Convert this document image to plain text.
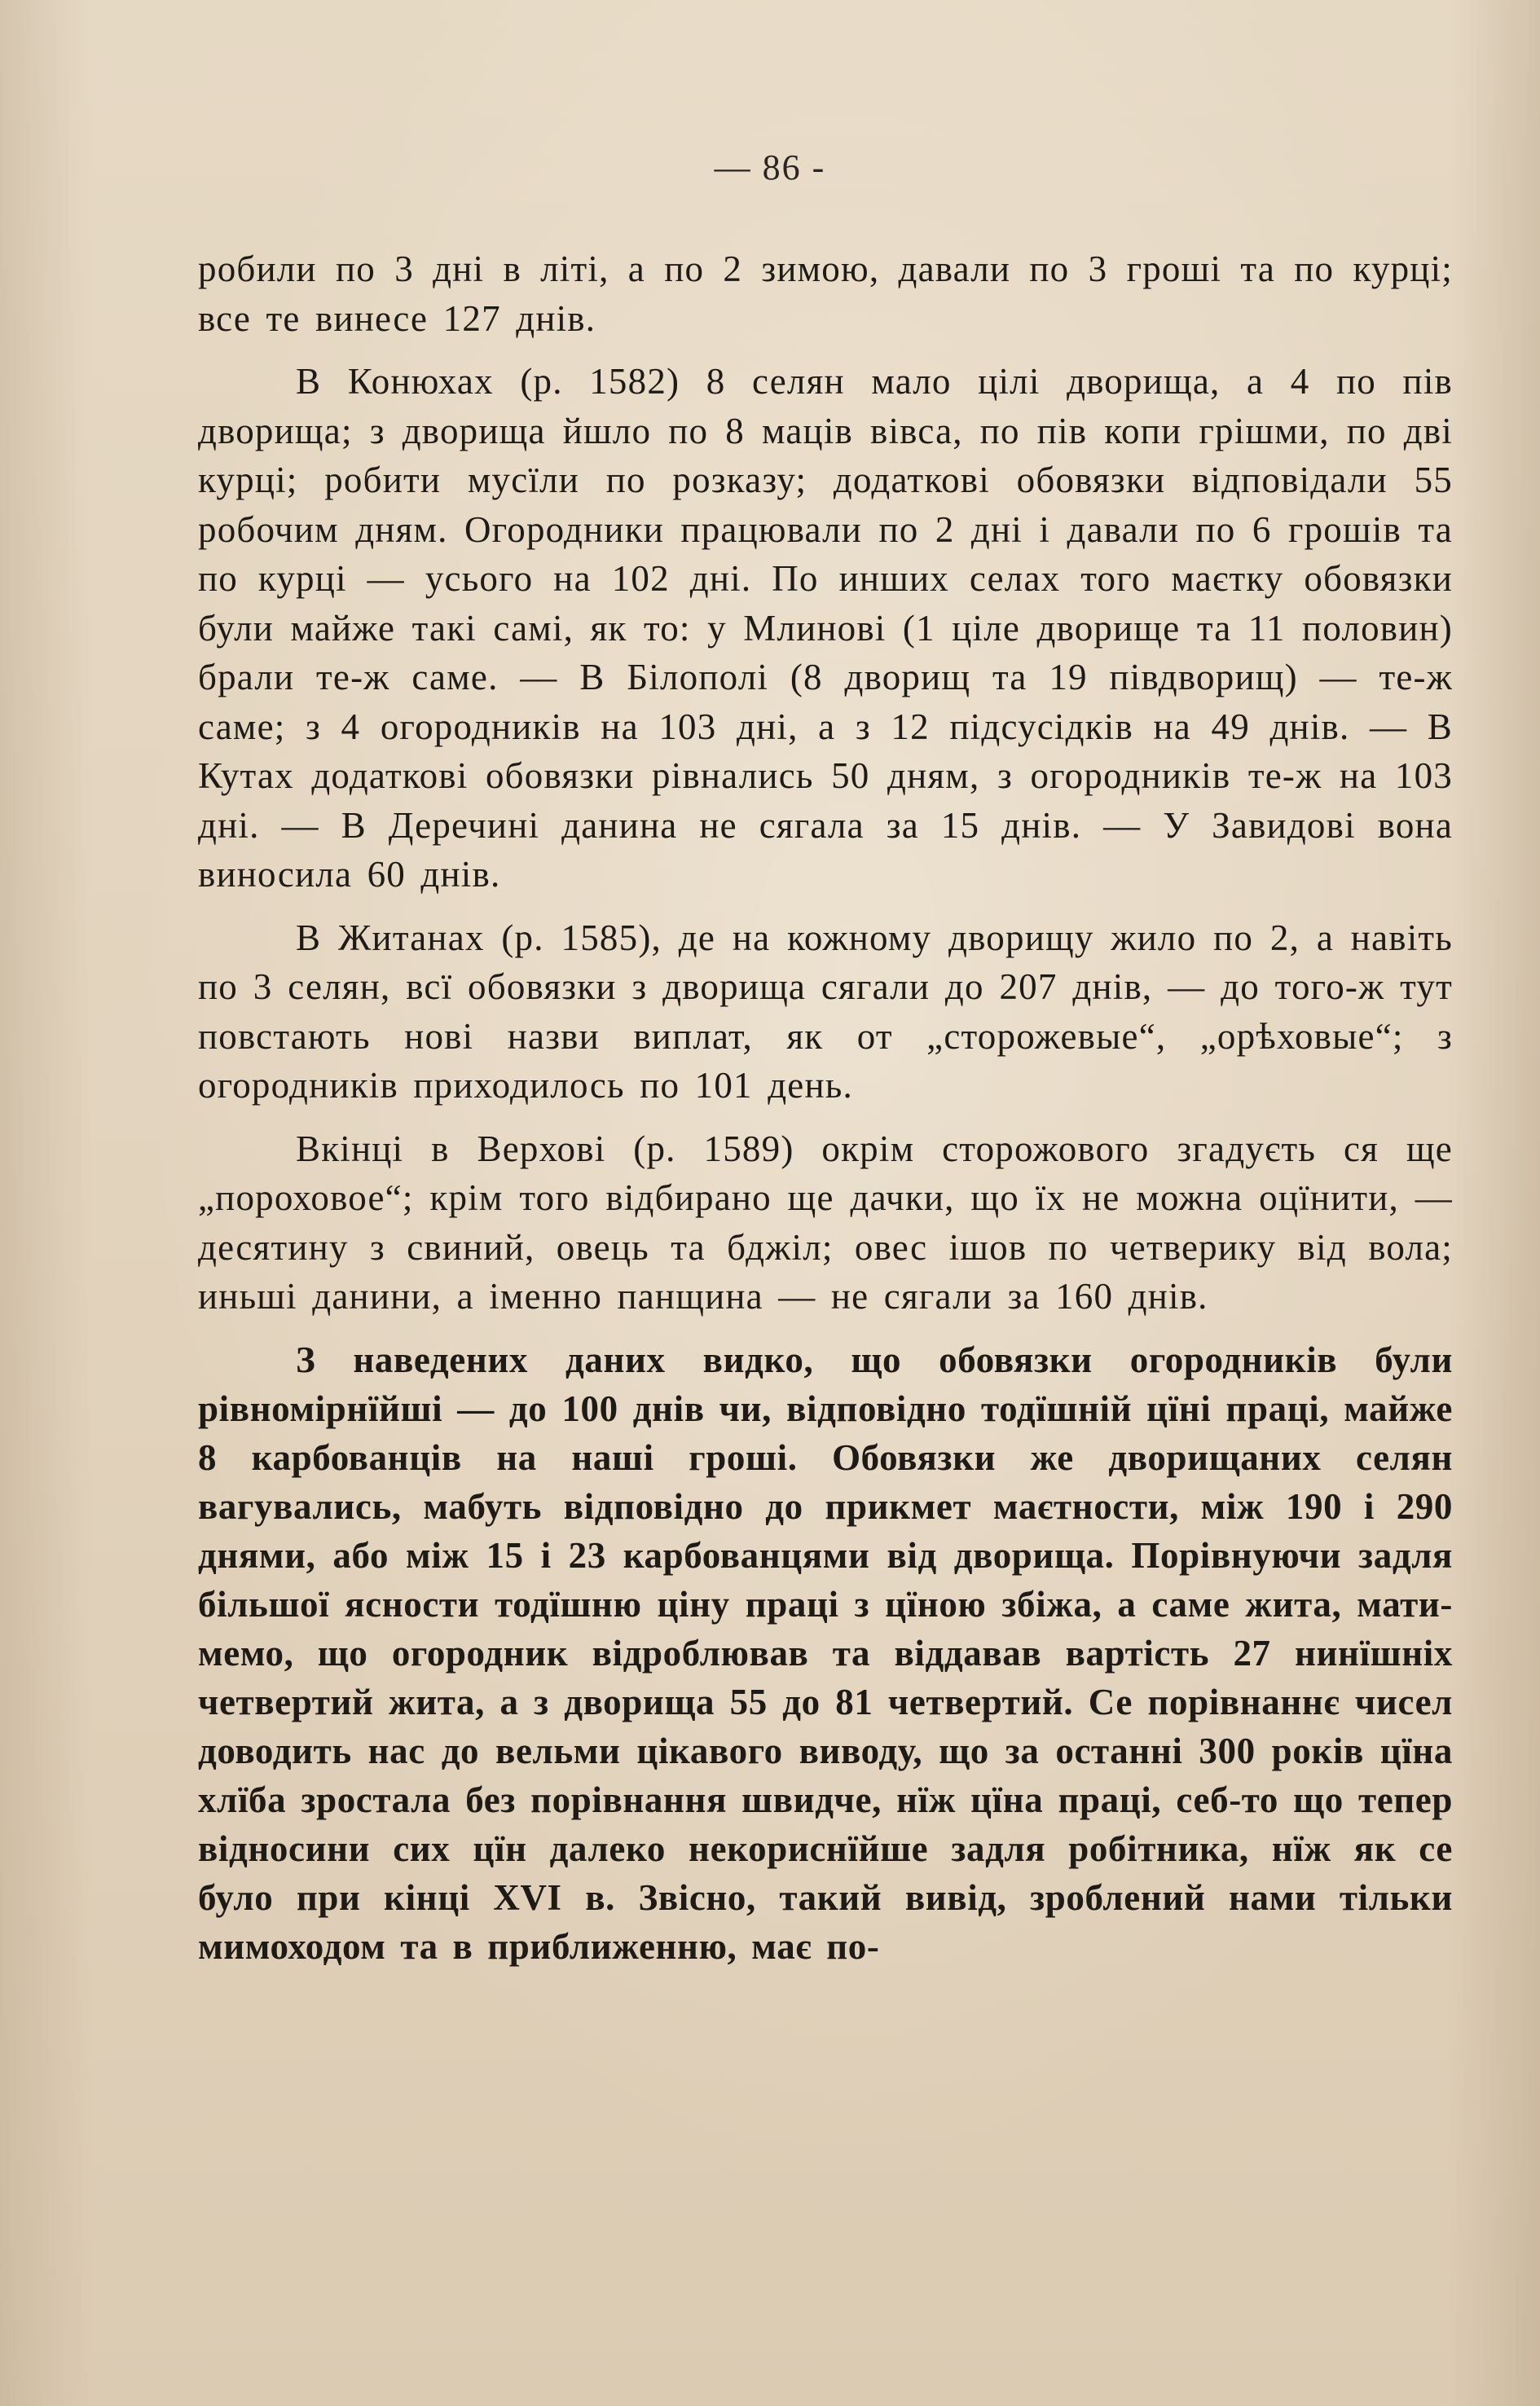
— 86 -

робили по 3 дні в літі, а по 2 зимою, давали по 3 гроші та по курці; все те винесе 127 днів.

В Конюхах (р. 1582) 8 селян мало цілі дворища, а 4 по пів дворища; з дворища йшло по 8 маців вівса, по пів копи грішми, по дві курці; робити мусїли по розказу; додаткові обовязки відповідали 55 робочим дням. Огородники працювали по 2 дні і давали по 6 грошів та по курці — усього на 102 дні. По инших селах того маєтку обовязки були майже такі самі, як то: у Млинові (1 ціле дворище та 11 половин) брали те-ж саме. — В Білополі (8 дворищ та 19 півдворищ) — те-ж саме; з 4 огородників на 103 дні, а з 12 підсусідків на 49 днів. — В Кутах додаткові обовязки рівнались 50 дням, з огородників те-ж на 103 дні. — В Деречині данина не сягала за 15 днів. — У Завидові вона виносила 60 днів.

В Житанах (р. 1585), де на кожному дворищу жило по 2, а навіть по 3 селян, всї обовязки з дворища сягали до 207 днів, — до того-ж тут повстають нові назви виплат, як от „сторожевые“, „орѣховые“; з огородників приходилось по 101 день.

Вкінці в Верхові (р. 1589) окрім сторожового згадуєть ся ще „пороховое“; крім того відбирано ще дачки, що їх не можна оцїнити, — десятину з свиний, овець та бджіл; овес ішов по четверику від вола; иньші данини, а іменно панщина — не сягали за 160 днів.

З наведених даних видко, що обовязки огородників були рівномірнїйші — до 100 днів чи, відповідно тодїшній цїні праці, майже 8 карбованців на наші гроші. Обовязки же дворищаних селян вагувались, мабуть відповідно до прикмет маєтности, між 190 і 290 днями, або між 15 і 23 карбованцями від дворища. Порівнуючи задля більшої ясности тодїшню ціну праці з цїною збіжа, а саме жита, мати-мемо, що огородник відроблював та віддавав вартість 27 нинїшніх четвертий жита, а з дворища 55 до 81 четвертий. Се порівнаннє чисел доводить нас до вельми цікавого виводу, що за останні 300 років цїна хлїба зростала без порівнання швидче, нїж цїна праці, себ-то що тепер відносини сих цїн далеко некориснїйше задля робітника, нїж як се було при кінці XVI в. Звісно, такий вивід, зроблений нами тільки мимоходом та в приближенню, має по-
